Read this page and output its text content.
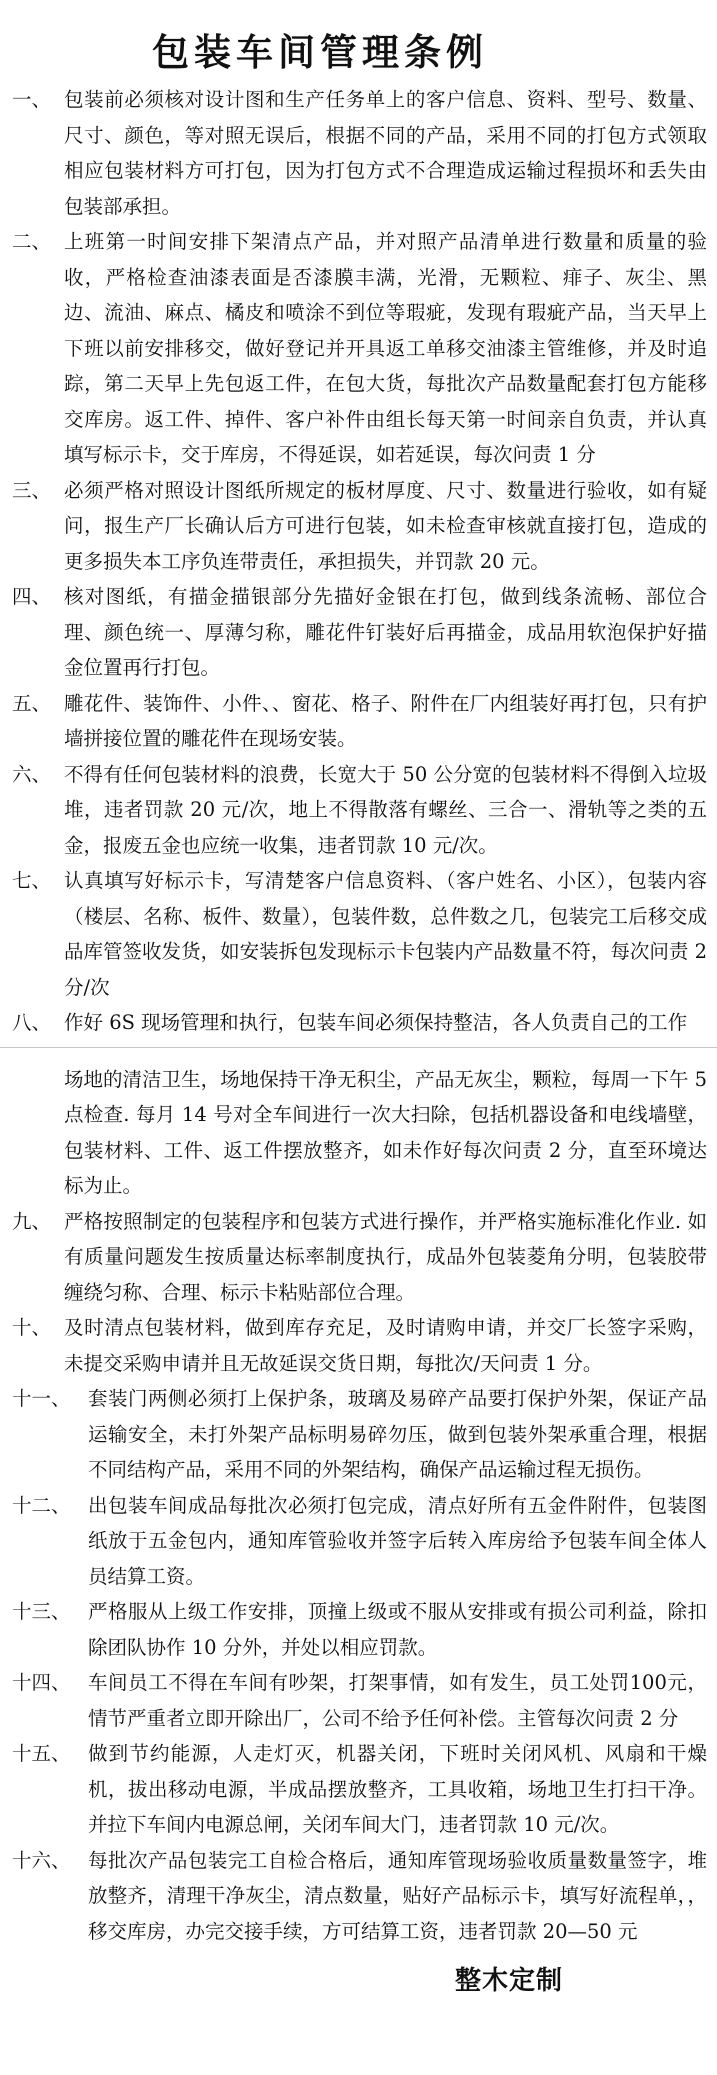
包装车间管理条例
一、 包装前必须核对设计图和生产任务单上的客户信息、资料、型号、数量、尺寸、颜色，等对照无误后，根据不同的产品，采用不同的打包方式领取相应包装材料方可打包，因为打包方式不合理造成运输过程损坏和丢失由包装部承担。
二、 上班第一时间安排下架清点产品，并对照产品清单进行数量和质量的验收，严格检查油漆表面是否漆膜丰满，光滑，无颗粒、痱子、灰尘、黑边、流油、麻点、橘皮和喷涂不到位等瑕疵，发现有瑕疵产品，当天早上下班以前安排移交，做好登记并开具返工单移交油漆主管维修，并及时追踪，第二天早上先包返工件，在包大货，每批次产品数量配套打包方能移交库房。返工件、掉件、客户补件由组长每天第一时间亲自负责，并认真填写标示卡，交于库房，不得延误，如若延误，每次问责 1 分
三、 必须严格对照设计图纸所规定的板材厚度、尺寸、数量进行验收，如有疑问，报生产厂长确认后方可进行包装，如未检查审核就直接打包，造成的更多损失本工序负连带责任，承担损失，并罚款 20 元。
四、 核对图纸，有描金描银部分先描好金银在打包，做到线条流畅、部位合理、颜色统一、厚薄匀称，雕花件钉装好后再描金，成品用软泡保护好描金位置再行打包。
五、 雕花件、装饰件、小件、、窗花、格子、附件在厂内组装好再打包，只有护墙拼接位置的雕花件在现场安装。
六、 不得有任何包装材料的浪费，长宽大于 50 公分宽的包装材料不得倒入垃圾堆，违者罚款 20 元/次，地上不得散落有螺丝、三合一、滑轨等之类的五金，报废五金也应统一收集，违者罚款 10 元/次。
七、 认真填写好标示卡，写清楚客户信息资料、（客户姓名、小区），包装内容（楼层、名称、板件、数量），包装件数，总件数之几，包装完工后移交成品库管签收发货，如安装拆包发现标示卡包装内产品数量不符，每次问责 2 分/次
八、 作好 6S 现场管理和执行，包装车间必须保持整洁，各人负责自己的工作
场地的清洁卫生，场地保持干净无积尘，产品无灰尘，颗粒，每周一下午 5 点检查. 每月 14 号对全车间进行一次大扫除，包括机器设备和电线墙壁，包装材料、工件、返工件摆放整齐，如未作好每次问责 2 分，直至环境达标为止。
九、 严格按照制定的包装程序和包装方式进行操作，并严格实施标准化作业. 如有质量问题发生按质量达标率制度执行，成品外包装菱角分明，包装胶带缠绕匀称、合理、标示卡粘贴部位合理。
十、 及时清点包装材料，做到库存充足，及时请购申请，并交厂长签字采购，未提交采购申请并且无故延误交货日期，每批次/天问责 1 分。
十一、 套装门两侧必须打上保护条，玻璃及易碎产品要打保护外架，保证产品运输安全，未打外架产品标明易碎勿压，做到包装外架承重合理，根据不同结构产品，采用不同的外架结构，确保产品运输过程无损伤。
十二、 出包装车间成品每批次必须打包完成，清点好所有五金件附件，包装图纸放于五金包内，通知库管验收并签字后转入库房给予包装车间全体人员结算工资。
十三、 严格服从上级工作安排，顶撞上级或不服从安排或有损公司利益，除扣除团队协作 10 分外，并处以相应罚款。
十四、 车间员工不得在车间有吵架，打架事情，如有发生，员工处罚100元，情节严重者立即开除出厂，公司不给予任何补偿。主管每次问责 2 分
十五、 做到节约能源，人走灯灭，机器关闭，下班时关闭风机、风扇和干燥机，拔出移动电源，半成品摆放整齐，工具收箱，场地卫生打扫干净。并拉下车间内电源总闸，关闭车间大门，违者罚款 10 元/次。
十六、 每批次产品包装完工自检合格后，通知库管现场验收质量数量签字，堆放整齐，清理干净灰尘，清点数量，贴好产品标示卡，填写好流程单，，移交库房，办完交接手续，方可结算工资，违者罚款 20—50 元
整木定制
